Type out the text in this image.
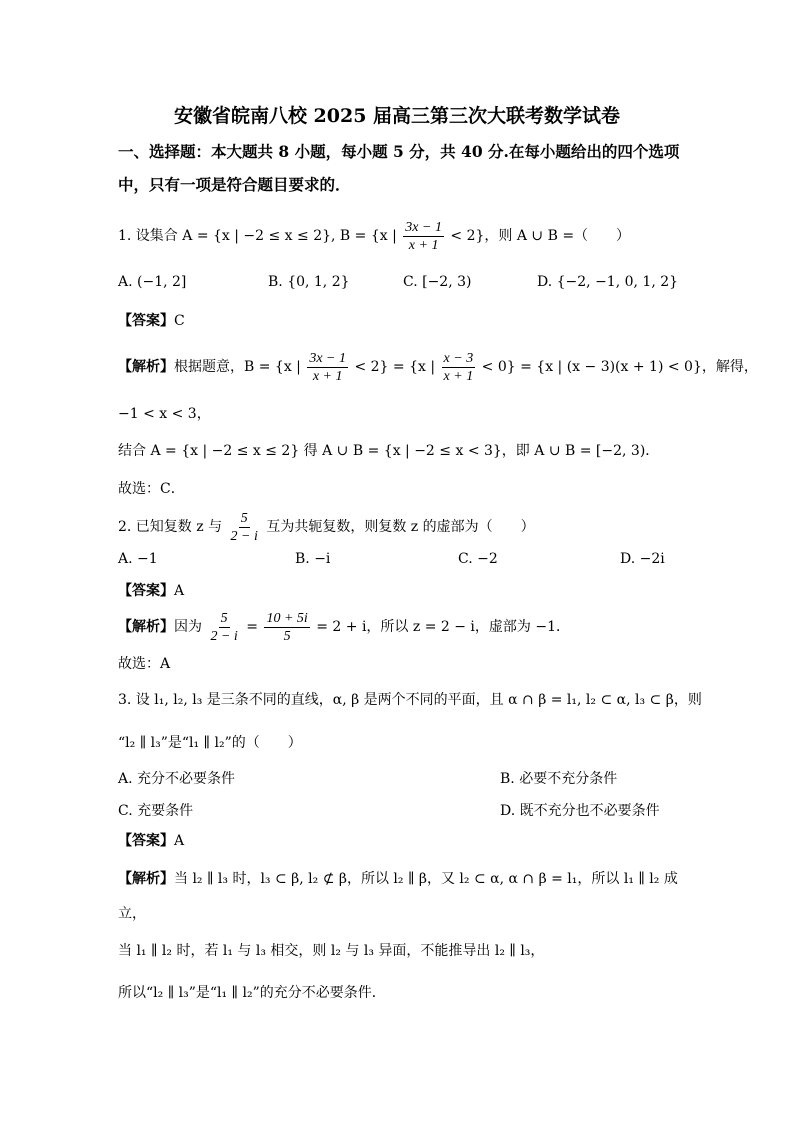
安徽省皖南八校 2025 届高三第三次大联考数学试卷
一、选择题：本大题共 8 小题，每小题 5 分，共 40 分.在每小题给出的四个选项
中，只有一项是符合题目要求的．
1. 设集合 A = {x | −2 ≤ x ≤ 2}, B = {x | $\frac{3x - 1}{x + 1} < 2$}，则 A ∪ B =（　　）
A. (−1, 2]	B. {0, 1, 2}	C. [−2, 3)	D. {−2, −1, 0, 1, 2}
【答案】C
【解析】根据题意，B = {x | $\frac{3x - 1}{x + 1} < 2\} = \{x$ | $\frac{x - 3}{x + 1} < 0\} = \{x$ | (x − 3)(x + 1) < 0}，解得，
−1 < x < 3，
结合 A = {x | −2 ≤ x ≤ 2} 得 A ∪ B = {x | −2 ≤ x < 3}，即 A ∪ B = [−2, 3)．
故选：C．
2. 已知复数 z 与 $\frac{5}{2 - i}$ 互为共轭复数，则复数 z 的虚部为（　　）
A. −1	B. −i	C. −2	D. −2i
【答案】A
【解析】因为 $\frac{5}{2 - i} = \frac{10 + 5i}{5} = 2 + i$，所以 z = 2 − i，虚部为 −1．
故选：A
3. 设 l₁, l₂, l₃ 是三条不同的直线，α, β 是两个不同的平面，且 α ∩ β = l₁, l₂ ⊂ α, l₃ ⊂ β，则
“l₂ ∥ l₃”是“l₁ ∥ l₂”的（　　）
A. 充分不必要条件	B. 必要不充分条件
C. 充要条件	D. 既不充分也不必要条件
【答案】A
【解析】当 l₂ ∥ l₃ 时，l₃ ⊂ β, l₂ ⊄ β，所以 l₂ ∥ β，又 l₂ ⊂ α, α ∩ β = l₁，所以 l₁ ∥ l₂ 成
立，
当 l₁ ∥ l₂ 时，若 l₁ 与 l₃ 相交，则 l₂ 与 l₃ 异面，不能推导出 l₂ ∥ l₃，
所以“l₂ ∥ l₃”是“l₁ ∥ l₂”的充分不必要条件．
